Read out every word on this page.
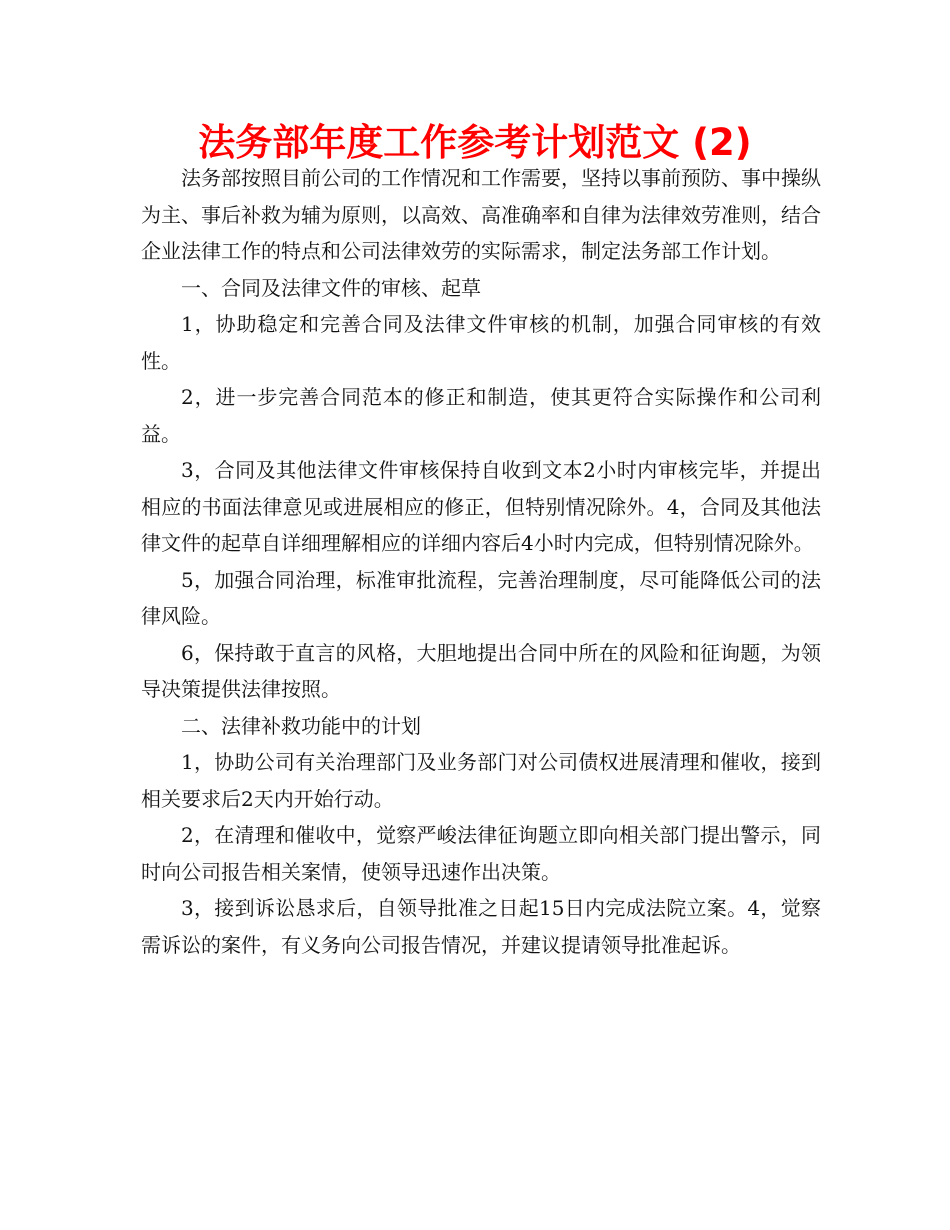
法务部年度工作参考计划范文 (2)

法务部按照目前公司的工作情况和工作需要，坚持以事前预防、事中操纵为主、事后补救为辅为原则，以高效、高准确率和自律为法律效劳准则，结合企业法律工作的特点和公司法律效劳的实际需求，制定法务部工作计划。

一、合同及法律文件的审核、起草

1，协助稳定和完善合同及法律文件审核的机制，加强合同审核的有效性。

2，进一步完善合同范本的修正和制造，使其更符合实际操作和公司利益。

3，合同及其他法律文件审核保持自收到文本2小时内审核完毕，并提出相应的书面法律意见或进展相应的修正，但特别情况除外。4，合同及其他法律文件的起草自详细理解相应的详细内容后4小时内完成，但特别情况除外。

5，加强合同治理，标准审批流程，完善治理制度，尽可能降低公司的法律风险。

6，保持敢于直言的风格，大胆地提出合同中所在的风险和征询题，为领导决策提供法律按照。

二、法律补救功能中的计划

1，协助公司有关治理部门及业务部门对公司债权进展清理和催收，接到相关要求后2天内开始行动。

2，在清理和催收中，觉察严峻法律征询题立即向相关部门提出警示，同时向公司报告相关案情，使领导迅速作出决策。

3，接到诉讼恳求后，自领导批准之日起15日内完成法院立案。4，觉察需诉讼的案件，有义务向公司报告情况，并建议提请领导批准起诉。
